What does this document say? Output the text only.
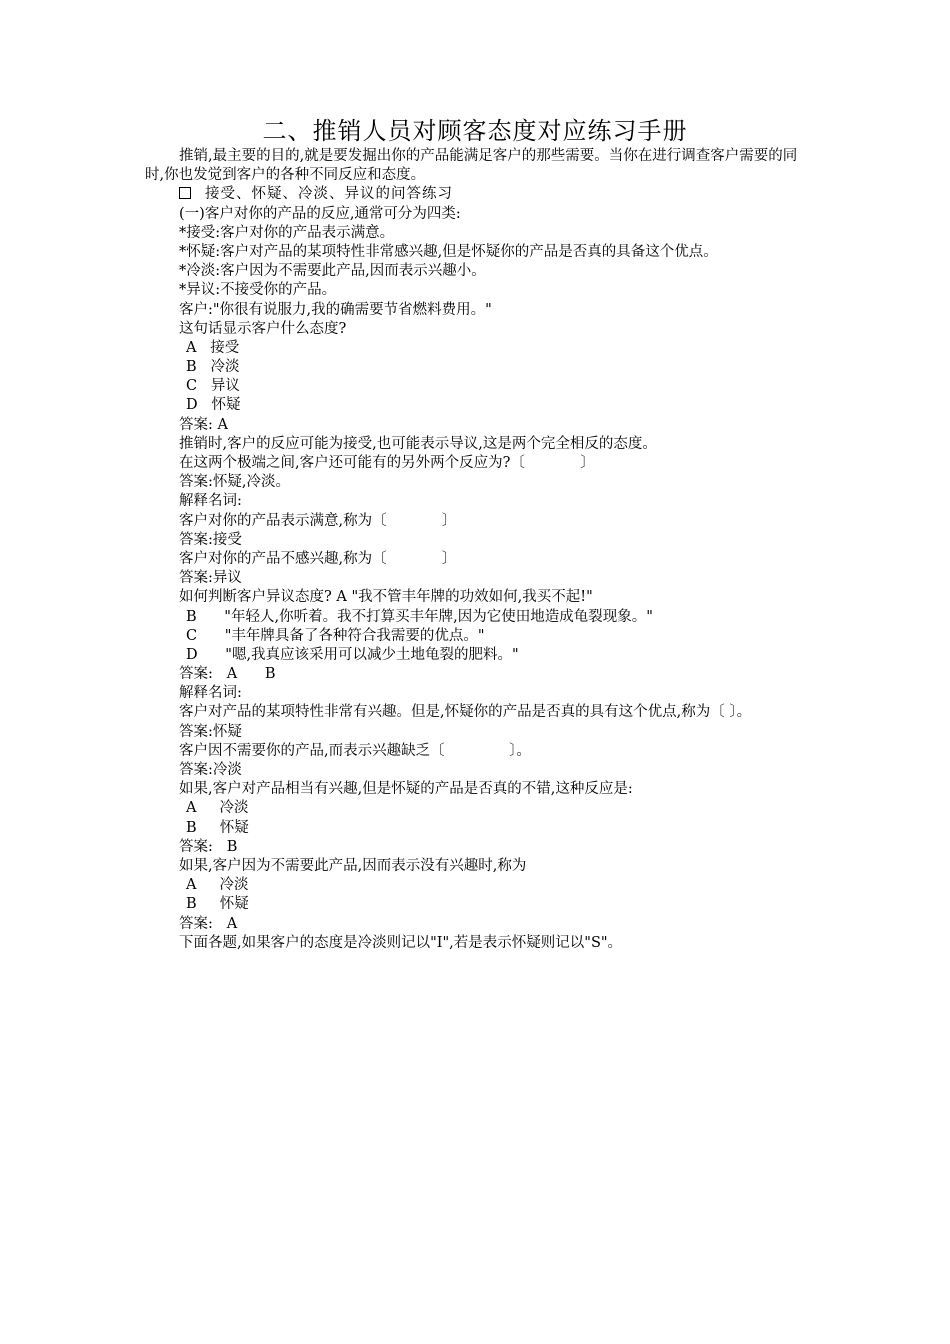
二、推销人员对顾客态度对应练习手册
推销,最主要的目的,就是要发掘出你的产品能满足客户的那些需要。当你在进行调查客户需要的同时,你也发觉到客户的各种不同反应和态度。
接受、怀疑、冷淡、异议的问答练习
(一)客户对你的产品的反应,通常可分为四类:
*接受:客户对你的产品表示满意。
*怀疑:客户对产品的某项特性非常感兴趣,但是怀疑你的产品是否真的具备这个优点。
*冷淡:客户因为不需要此产品,因而表示兴趣小。
*异议:不接受你的产品。
客户:"你很有说服力,我的确需要节省燃料费用。"
这句话显示客户什么态度?
A   接受
B   冷淡
C   异议
D   怀疑
答案: A
推销时,客户的反应可能为接受,也可能表示导议,这是两个完全相反的态度。
在这两个极端之间,客户还可能有的另外两个反应为?〔            〕
答案:怀疑,冷淡。
解释名词:
客户对你的产品表示满意,称为〔            〕
答案:接受
客户对你的产品不感兴趣,称为〔            〕
答案:异议
如何判断客户异议态度? A "我不管丰年牌的功效如何,我买不起!"
B      "年轻人,你听着。我不打算买丰年牌,因为它使田地造成龟裂现象。"
C      "丰年牌具备了各种符合我需要的优点。"
D      "嗯,我真应该采用可以减少土地龟裂的肥料。"
答案:   A      B
解释名词:
客户对产品的某项特性非常有兴趣。但是,怀疑你的产品是否真的具有这个优点,称为〔 〕。
答案:怀疑
客户因不需要你的产品,而表示兴趣缺乏〔              〕。
答案:冷淡
如果,客户对产品相当有兴趣,但是怀疑的产品是否真的不错,这种反应是:
A     冷淡
B     怀疑
答案:   B
如果,客户因为不需要此产品,因而表示没有兴趣时,称为
A     冷淡
B     怀疑
答案:   A
下面各题,如果客户的态度是冷淡则记以"I",若是表示怀疑则记以"S"。
